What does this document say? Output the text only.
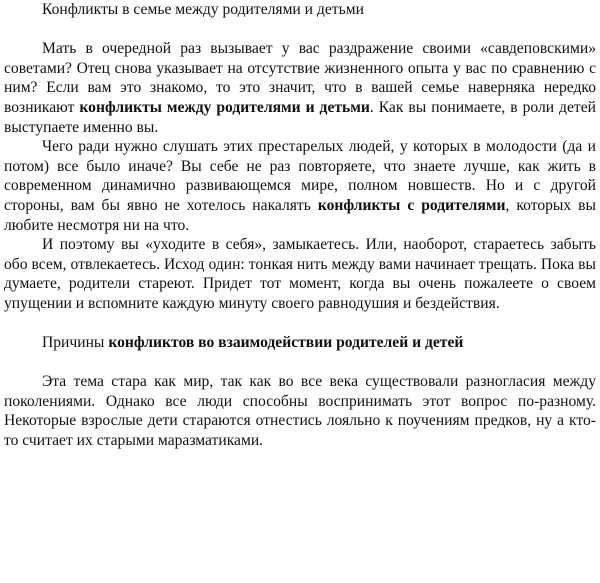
Конфликты в семье между родителями и детьми

Мать в очередной раз вызывает у вас раздражение своими «савдеповскими» советами? Отец снова указывает на отсутствие жизненного опыта у вас по сравнению с ним? Если вам это знакомо, то это значит, что в вашей семье наверняка нередко возникают конфликты между родителями и детьми. Как вы понимаете, в роли детей выступаете именно вы.

Чего ради нужно слушать этих престарелых людей, у которых в молодости (да и потом) все было иначе? Вы себе не раз повторяете, что знаете лучше, как жить в современном динамично развивающемся мире, полном новшеств. Но и с другой стороны, вам бы явно не хотелось накалять конфликты с родителями, которых вы любите несмотря ни на что.

И поэтому вы «уходите в себя», замыкаетесь. Или, наоборот, стараетесь забыть обо всем, отвлекаетесь. Исход один: тонкая нить между вами начинает трещать. Пока вы думаете, родители стареют. Придет тот момент, когда вы очень пожалеете о своем упущении и вспомните каждую минуту своего равнодушия и бездействия.

Причины конфликтов во взаимодействии родителей и детей

Эта тема стара как мир, так как во все века существовали разногласия между поколениями. Однако все люди способны воспринимать этот вопрос по-разному. Некоторые взрослые дети стараются отнестись лояльно к поучениям предков, ну а кто-то считает их старыми маразматиками.
